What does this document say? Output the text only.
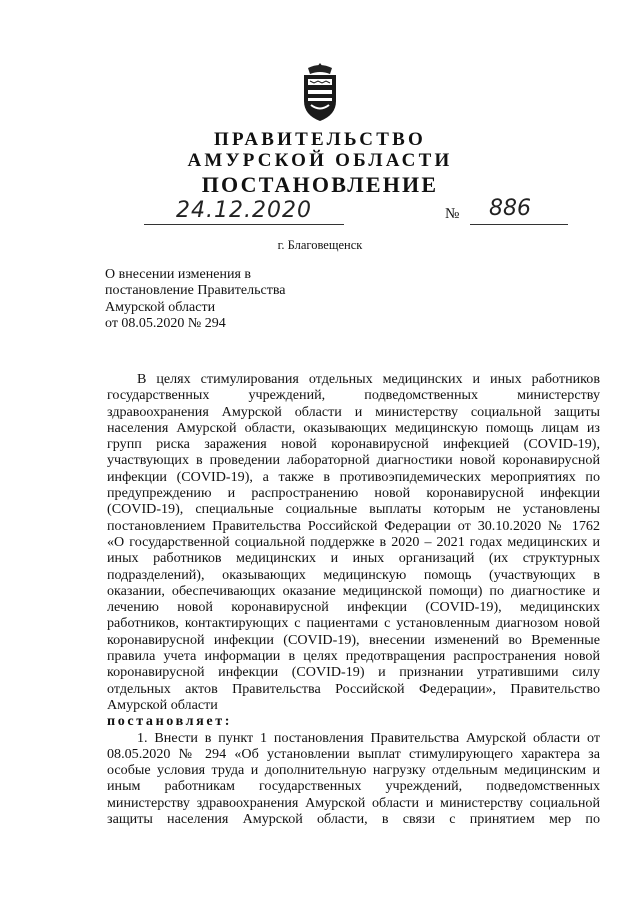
ПРАВИТЕЛЬСТВО
АМУРСКОЙ ОБЛАСТИ
ПОСТАНОВЛЕНИЕ
24.12.2020	№	886
г. Благовещенск
О внесении изменения в
постановление Правительства
Амурской области
от 08.05.2020 № 294
В целях стимулирования отдельных медицинских и иных работников
государственных учреждений, подведомственных министерству
здравоохранения Амурской области и министерству социальной защиты
населения Амурской области, оказывающих медицинскую помощь лицам из
групп риска заражения новой коронавирусной инфекцией (COVID-19),
участвующих в проведении лабораторной диагностики новой коронавирусной
инфекции (COVID-19), а также в противоэпидемических мероприятиях по
предупреждению и распространению новой коронавирусной инфекции
(COVID-19), специальные социальные выплаты которым не установлены
постановлением Правительства Российской Федерации от 30.10.2020 № 1762
«О государственной социальной поддержке в 2020 – 2021 годах медицинских и
иных работников медицинских и иных организаций (их структурных
подразделений), оказывающих медицинскую помощь (участвующих в
оказании, обеспечивающих оказание медицинской помощи) по диагностике и
лечению новой коронавирусной инфекции (COVID-19), медицинских
работников, контактирующих с пациентами с установленным диагнозом новой
коронавирусной инфекции (COVID-19), внесении изменений во Временные
правила учета информации в целях предотвращения распространения новой
коронавирусной инфекции (COVID-19) и признании утратившими силу
отдельных актов Правительства Российской Федерации», Правительство
Амурской области
постановляет:
1. Внести в пункт 1 постановления Правительства Амурской области от
08.05.2020 № 294 «Об установлении выплат стимулирующего характера за
особые условия труда и дополнительную нагрузку отдельным медицинским и
иным работникам государственных учреждений, подведомственных
министерству здравоохранения Амурской области и министерству социальной
защиты населения Амурской области, в связи с принятием мер по
